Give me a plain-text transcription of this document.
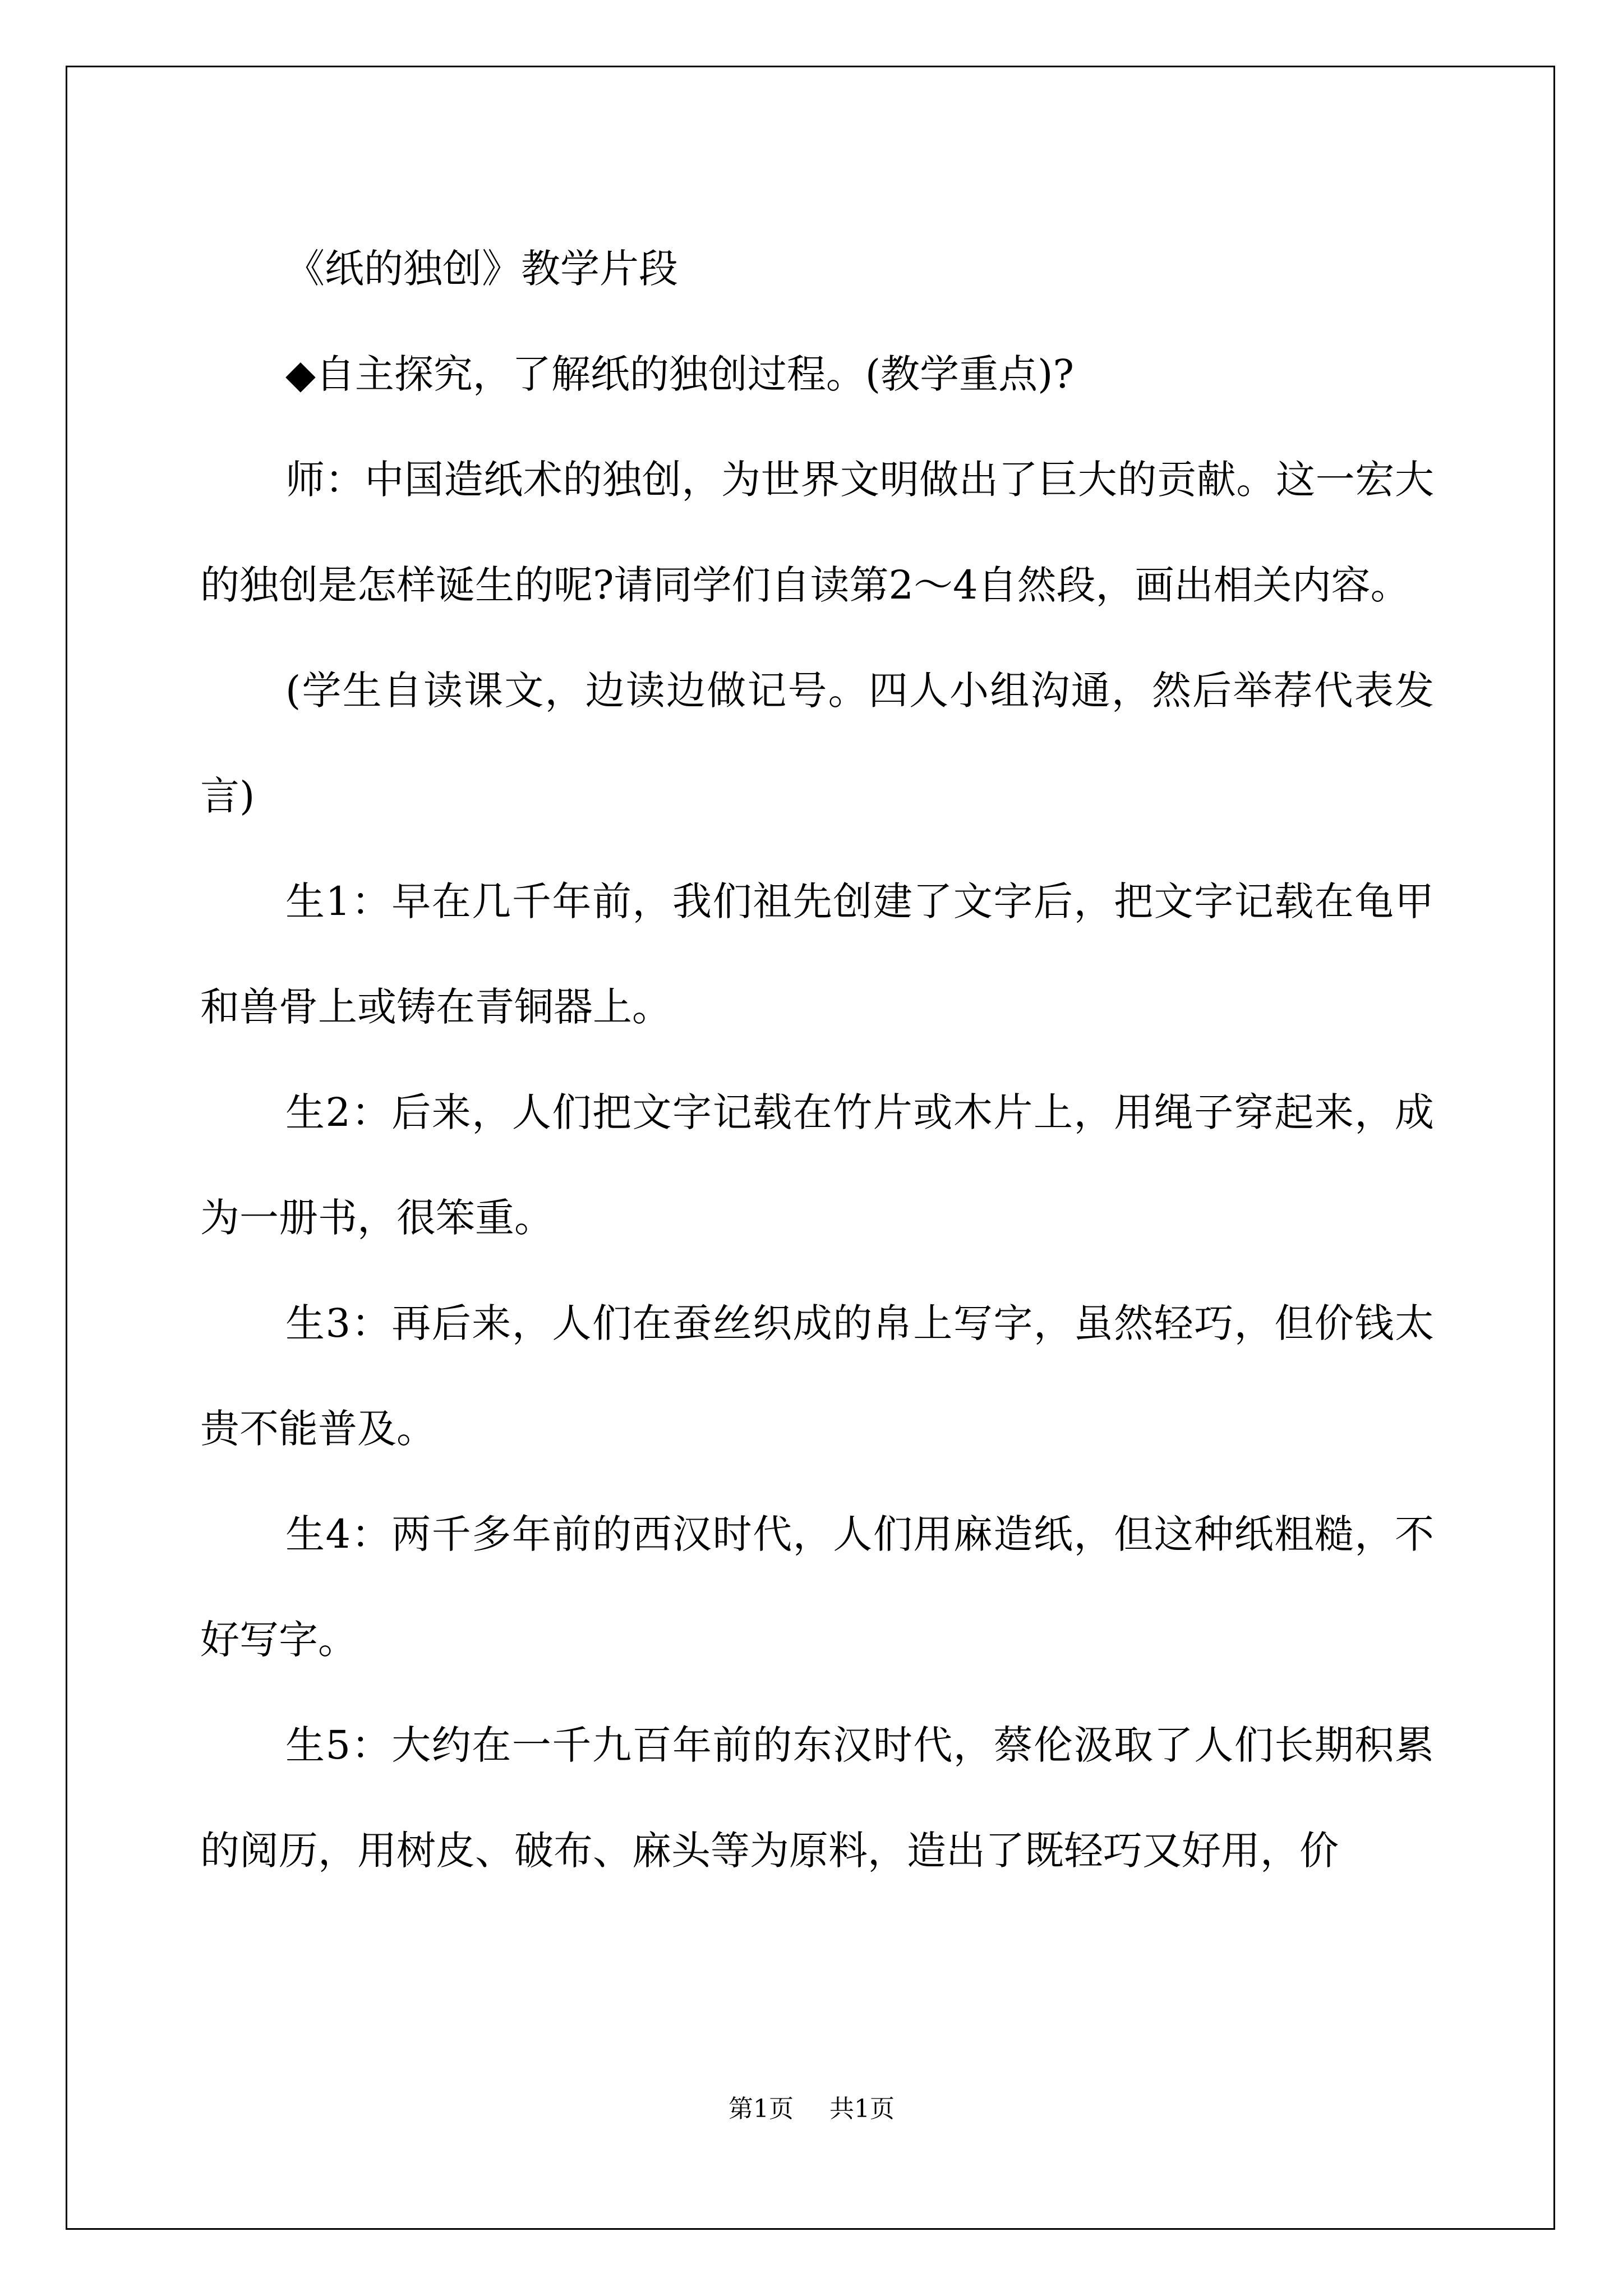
《纸的独创》教学片段

◆自主探究，了解纸的独创过程。(教学重点)?

师：中国造纸术的独创，为世界文明做出了巨大的贡献。这一宏大的独创是怎样诞生的呢?请同学们自读第2～4自然段，画出相关内容。

(学生自读课文，边读边做记号。四人小组沟通，然后举荐代表发言)

生1：早在几千年前，我们祖先创建了文字后，把文字记载在龟甲和兽骨上或铸在青铜器上。

生2：后来，人们把文字记载在竹片或木片上，用绳子穿起来，成为一册书，很笨重。

生3：再后来，人们在蚕丝织成的帛上写字，虽然轻巧，但价钱太贵不能普及。

生4：两千多年前的西汉时代，人们用麻造纸，但这种纸粗糙，不好写字。

生5：大约在一千九百年前的东汉时代，蔡伦汲取了人们长期积累的阅历，用树皮、破布、麻头等为原料，造出了既轻巧又好用，价

第1页 共1页
